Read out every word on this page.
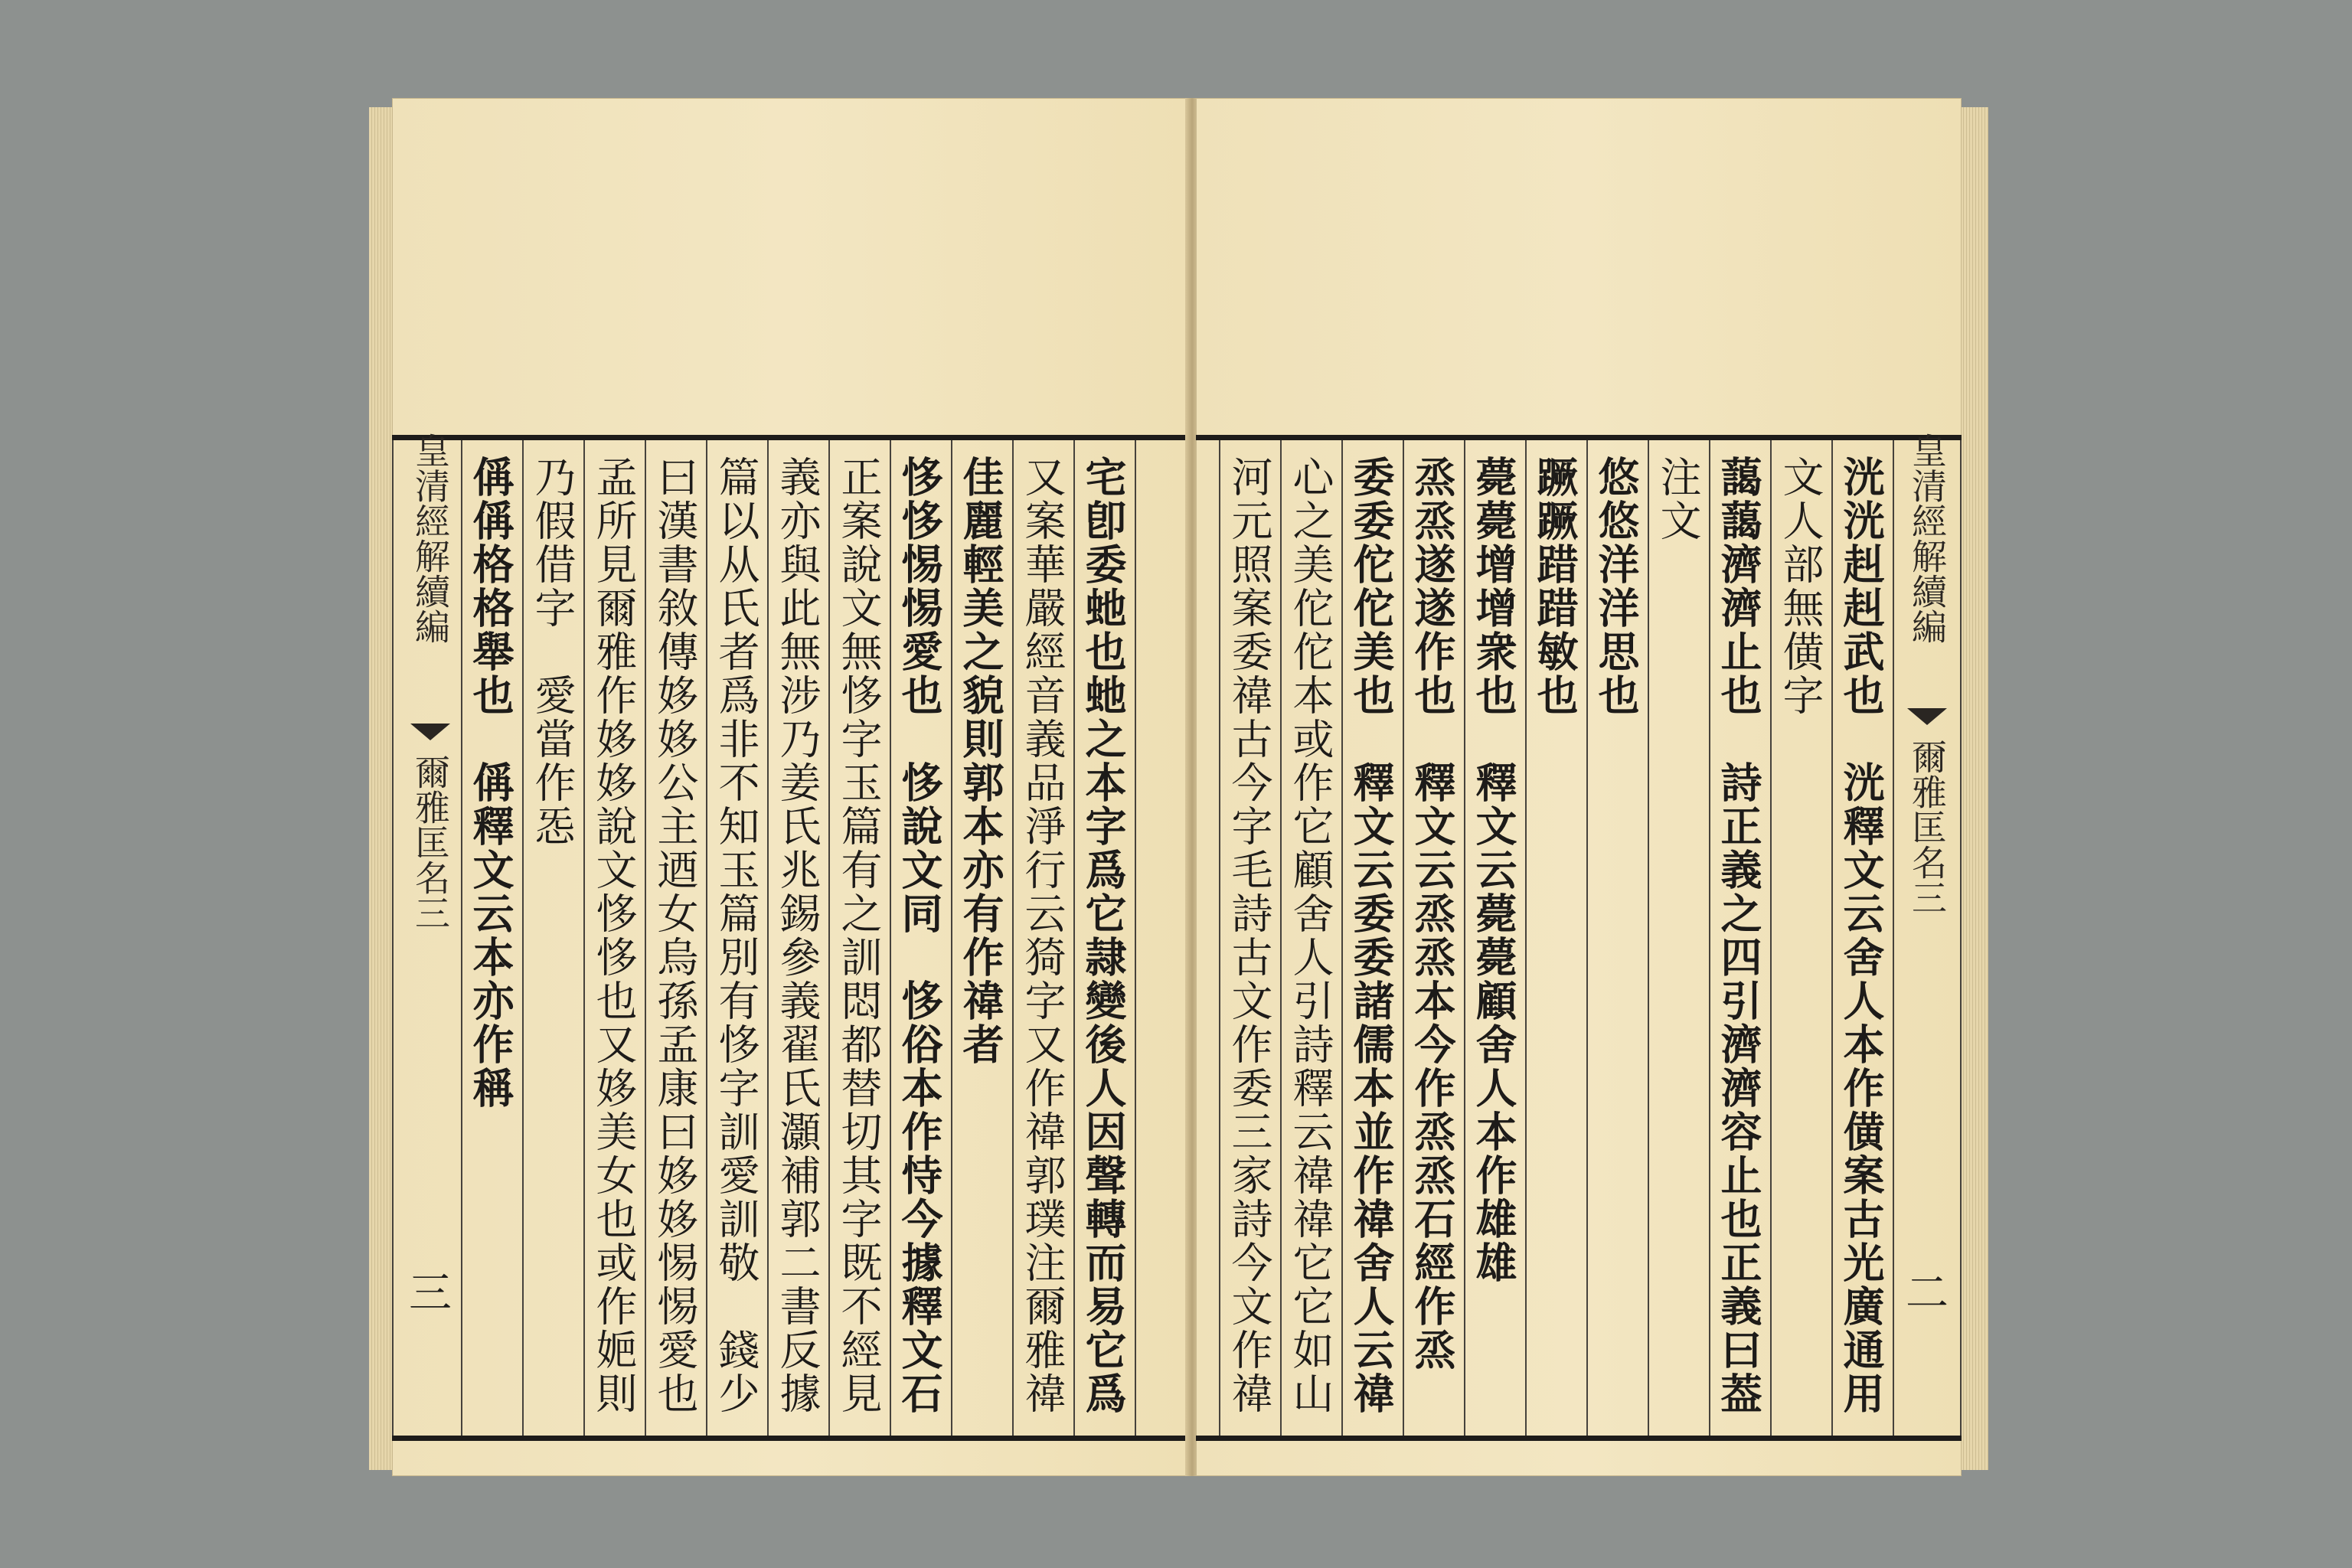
宅卽委虵也虵之本字爲它隷變後人因聲轉而易它爲
又案華嚴經音義品淨行云猗字又作禕郭璞注爾雅禕
佳麗輕美之貌則郭本亦有作禕者
恀恀惕惕愛也　恀說文同　恀俗本作恃今據釋文石
正案說文無恀字玉篇有之訓悶都替切其字既不經見
義亦與此無涉乃姜氏兆錫參義翟氏灝補郭二書反據
篇以从氏者爲非不知玉篇別有恀字訓愛訓敬　錢少
曰漢書敘傳姼姼公主迺女烏孫孟康曰姼姼惕惕愛也
孟所見爾雅作姼姼說文恀恀也又姼美女也或作㛂則
乃假借字　愛當作㤅
偁偁格格舉也　偁釋文云本亦作稱
皇清經解續編
爾雅匡名三
三
洸洸赳赳武也　洸釋文云舍人本作僙案古光廣通用
文人部無僙字
藹藹濟濟止也　詩正義之四引濟濟容止也正義曰葢
注文
悠悠洋洋思也
蹶蹶踖踖敏也
薨薨增增衆也　釋文云薨薨顧舍人本作雄雄
烝烝遂遂作也　釋文云烝烝本今作烝烝石經作烝
委委佗佗美也　釋文云委委諸儒本並作禕舍人云禕
心之美佗佗本或作它顧舍人引詩釋云禕禕它它如山
河元照案委禕古今字毛詩古文作委三家詩今文作禕
皇清經解續編
爾雅匡名三
二
